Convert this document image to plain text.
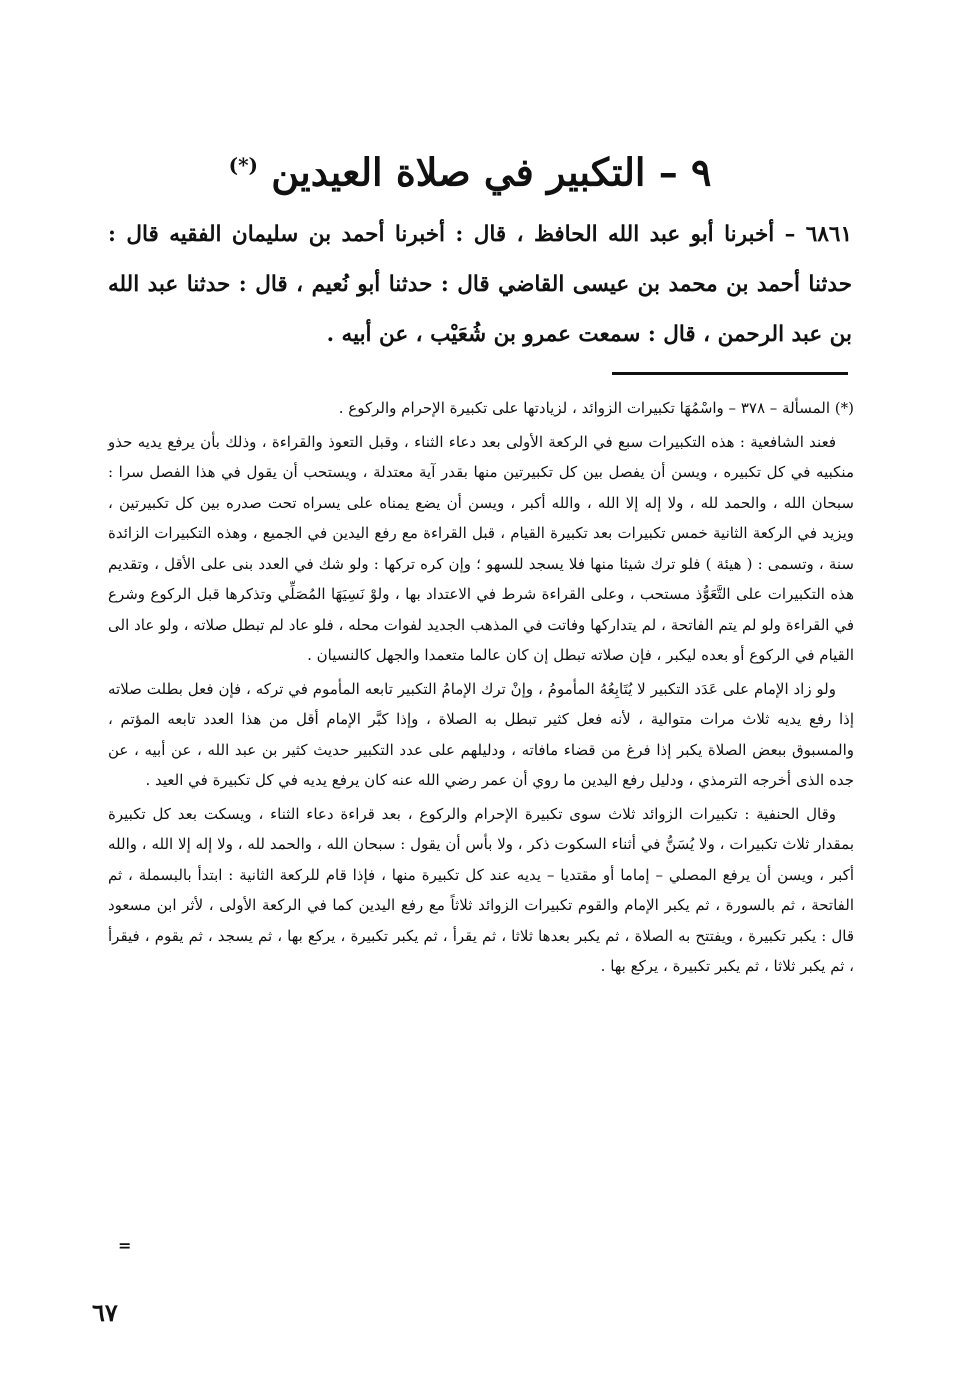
٩ – التكبير في صلاة العيدين (*)

٦٨٦١ – أخبرنا أبو عبد الله الحافظ ، قال : أخبرنا أحمد بن سليمان الفقيه قال : حدثنا أحمد بن محمد بن عيسى القاضي قال : حدثنا أبو نُعيم ، قال : حدثنا عبد الله بن عبد الرحمن ، قال : سمعت عمرو بن شُعَيْب ، عن أبيه .

(*) المسألة – ٣٧٨ – واسْمُهَا تكبيرات الزوائد ، لزيادتها على تكبيرة الإحرام والركوع .

فعند الشافعية : هذه التكبيرات سبع في الركعة الأولى بعد دعاء الثناء ، وقبل التعوذ والقراءة ، وذلك بأن يرفع يديه حذو منكبيه في كل تكبيره ، ويسن أن يفصل بين كل تكبيرتين منها بقدر آية معتدلة ، ويستحب أن يقول في هذا الفصل سرا : سبحان الله ، والحمد لله ، ولا إله إلا الله ، والله أكبر ، ويسن أن يضع يمناه على يسراه تحت صدره بين كل تكبيرتين ، ويزيد في الركعة الثانية خمس تكبيرات بعد تكبيرة القيام ، قبل القراءة مع رفع اليدين في الجميع ، وهذه التكبيرات الزائدة سنة ، وتسمى : ( هيئة ) فلو ترك شيئا منها فلا يسجد للسهو ؛ وإن كره تركها : ولو شك في العدد بنى على الأقل ، وتقديم هذه التكبيرات على التَّعَوُّذ مستحب ، وعلى القراءة شرط في الاعتداد بها ، ولوْ نَسِيَهَا المُصَلِّي وتذكرها قبل الركوع وشرع في القراءة ولو لم يتم الفاتحة ، لم يتداركها وفاتت في المذهب الجديد لفوات محله ، فلو عاد لم تبطل صلاته ، ولو عاد الى القيام في الركوع أو بعده ليكبر ، فإن صلاته تبطل إن كان عالما متعمدا والجهل كالنسيان .

ولو زاد الإمام على عَدَد التكبير لا يُتَابِعُهُ المأمومُ ، وإنْ ترك الإمامُ التكبير تابعه المأموم في تركه ، فإن فعل بطلت صلاته إذا رفع يديه ثلاث مرات متوالية ، لأنه فعل كثير تبطل به الصلاة ، وإذا كبَّر الإمام أقل من هذا العدد تابعه المؤتم ، والمسبوق ببعض الصلاة يكبر إذا فرغ من قضاء مافاته ، ودليلهم على عدد التكبير حديث كثير بن عبد الله ، عن أبيه ، عن جده الذى أخرجه الترمذي ، ودليل رفع اليدين ما روي أن عمر رضي الله عنه كان يرفع يديه في كل تكبيرة في العيد .

وقال الحنفية : تكبيرات الزوائد ثلاث سوى تكبيرة الإحرام والركوع ، بعد قراءة دعاء الثناء ، ويسكت بعد كل تكبيرة بمقدار ثلاث تكبيرات ، ولا يُسَنُّ في أثناء السكوت ذكر ، ولا بأس أن يقول : سبحان الله ، والحمد لله ، ولا إله إلا الله ، والله أكبر ، ويسن أن يرفع المصلي – إماما أو مقتديا – يديه عند كل تكبيرة منها ، فإذا قام للركعة الثانية : ابتدأ بالبسملة ، ثم الفاتحة ، ثم بالسورة ، ثم يكبر الإمام والقوم تكبيرات الزوائد ثلاثاً مع رفع اليدين كما في الركعة الأولى ، لأثر ابن مسعود قال : يكبر تكبيرة ، ويفتتح به الصلاة ، ثم يكبر بعدها ثلاثا ، ثم يقرأ ، ثم يكبر تكبيرة ، يركع بها ، ثم يسجد ، ثم يقوم ، فيقرأ ، ثم يكبر ثلاثا ، ثم يكبر تكبيرة ، يركع بها .

=
٦٧
